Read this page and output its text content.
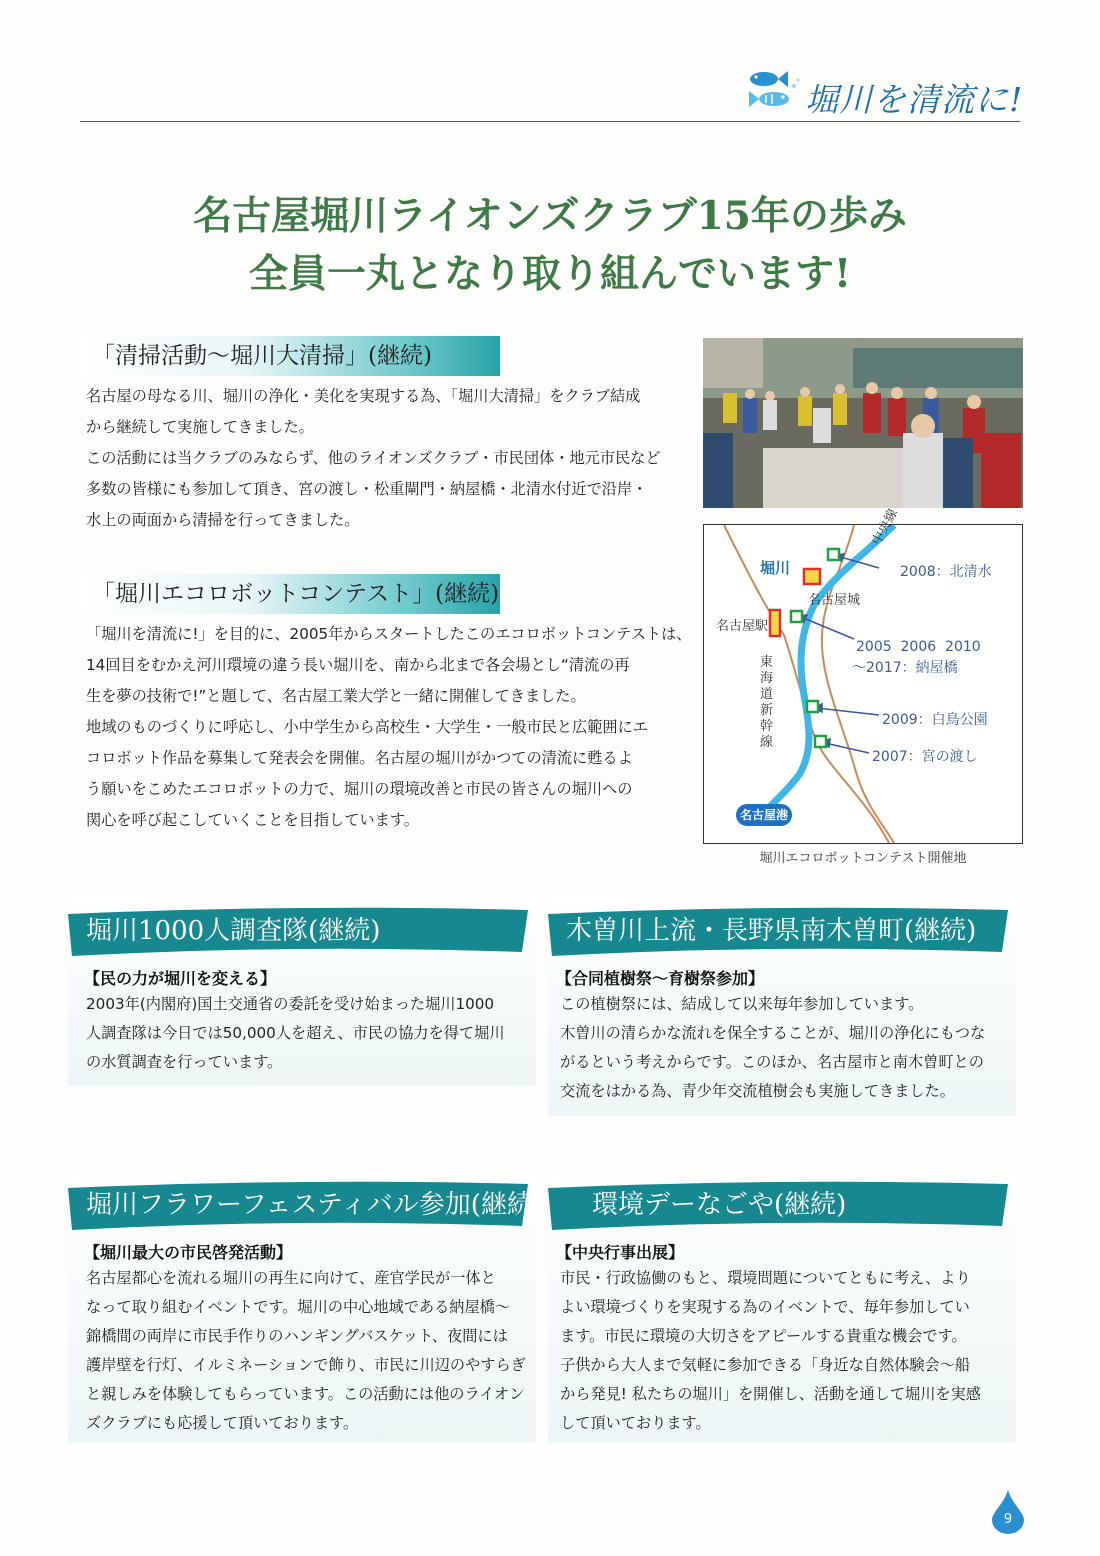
堀川を清流に!
名古屋堀川ライオンズクラブ15年の歩み
全員一丸となり取り組んでいます!
「清掃活動〜堀川大清掃」(継続)
名古屋の母なる川、堀川の浄化・美化を実現する為、「堀川大清掃」をクラブ結成
から継続して実施してきました。
この活動には当クラブのみならず、他のライオンズクラブ・市民団体・地元市民など
多数の皆様にも参加して頂き、宮の渡し・松重閘門・納屋橋・北清水付近で沿岸・
水上の両面から清掃を行ってきました。
「堀川エコロボットコンテスト」(継続)
「堀川を清流に!」を目的に、2005年からスタートしたこのエコロボットコンテストは、
14回目をむかえ河川環境の違う長い堀川を、南から北まで各会場とし“清流の再
生を夢の技術で!”と題して、名古屋工業大学と一緒に開催してきました。
地域のものづくりに呼応し、小中学生から高校生・大学生・一般市民と広範囲にエ
コロボット作品を募集して発表会を開催。名古屋の堀川がかつての清流に甦るよ
う願いをこめたエコロボットの力で、堀川の環境改善と市民の皆さんの堀川への
関心を呼び起こしていくことを目指しています。
中央線
堀川
名古屋城
名古屋駅
東海道新幹線
2008：北清水
2005  2006  2010
〜2017：納屋橋
2009：白鳥公園
2007：宮の渡し
名古屋港
堀川エコロボットコンテスト開催地
堀川1000人調査隊(継続)
【民の力が堀川を変える】
2003年(内閣府)国土交通省の委託を受け始まった堀川1000
人調査隊は今日では50,000人を超え、市民の協力を得て堀川
の水質調査を行っています。
木曽川上流・長野県南木曽町(継続)
【合同植樹祭〜育樹祭参加】
この植樹祭には、結成して以来毎年参加しています。
木曽川の清らかな流れを保全することが、堀川の浄化にもつな
がるという考えからです。このほか、名古屋市と南木曽町との
交流をはかる為、青少年交流植樹会も実施してきました。
堀川フラワーフェスティバル参加(継続)
【堀川最大の市民啓発活動】
名古屋都心を流れる堀川の再生に向けて、産官学民が一体と
なって取り組むイベントです。堀川の中心地域である納屋橋〜
錦橋間の両岸に市民手作りのハンギングバスケット、夜間には
護岸壁を行灯、イルミネーションで飾り、市民に川辺のやすらぎ
と親しみを体験してもらっています。この活動には他のライオン
ズクラブにも応援して頂いております。
環境デーなごや(継続)
【中央行事出展】
市民・行政協働のもと、環境問題についてともに考え、より
よい環境づくりを実現する為のイベントで、毎年参加してい
ます。市民に環境の大切さをアピールする貴重な機会です。
子供から大人まで気軽に参加できる「身近な自然体験会〜船
から発見! 私たちの堀川」を開催し、活動を通して堀川を実感
して頂いております。
9
